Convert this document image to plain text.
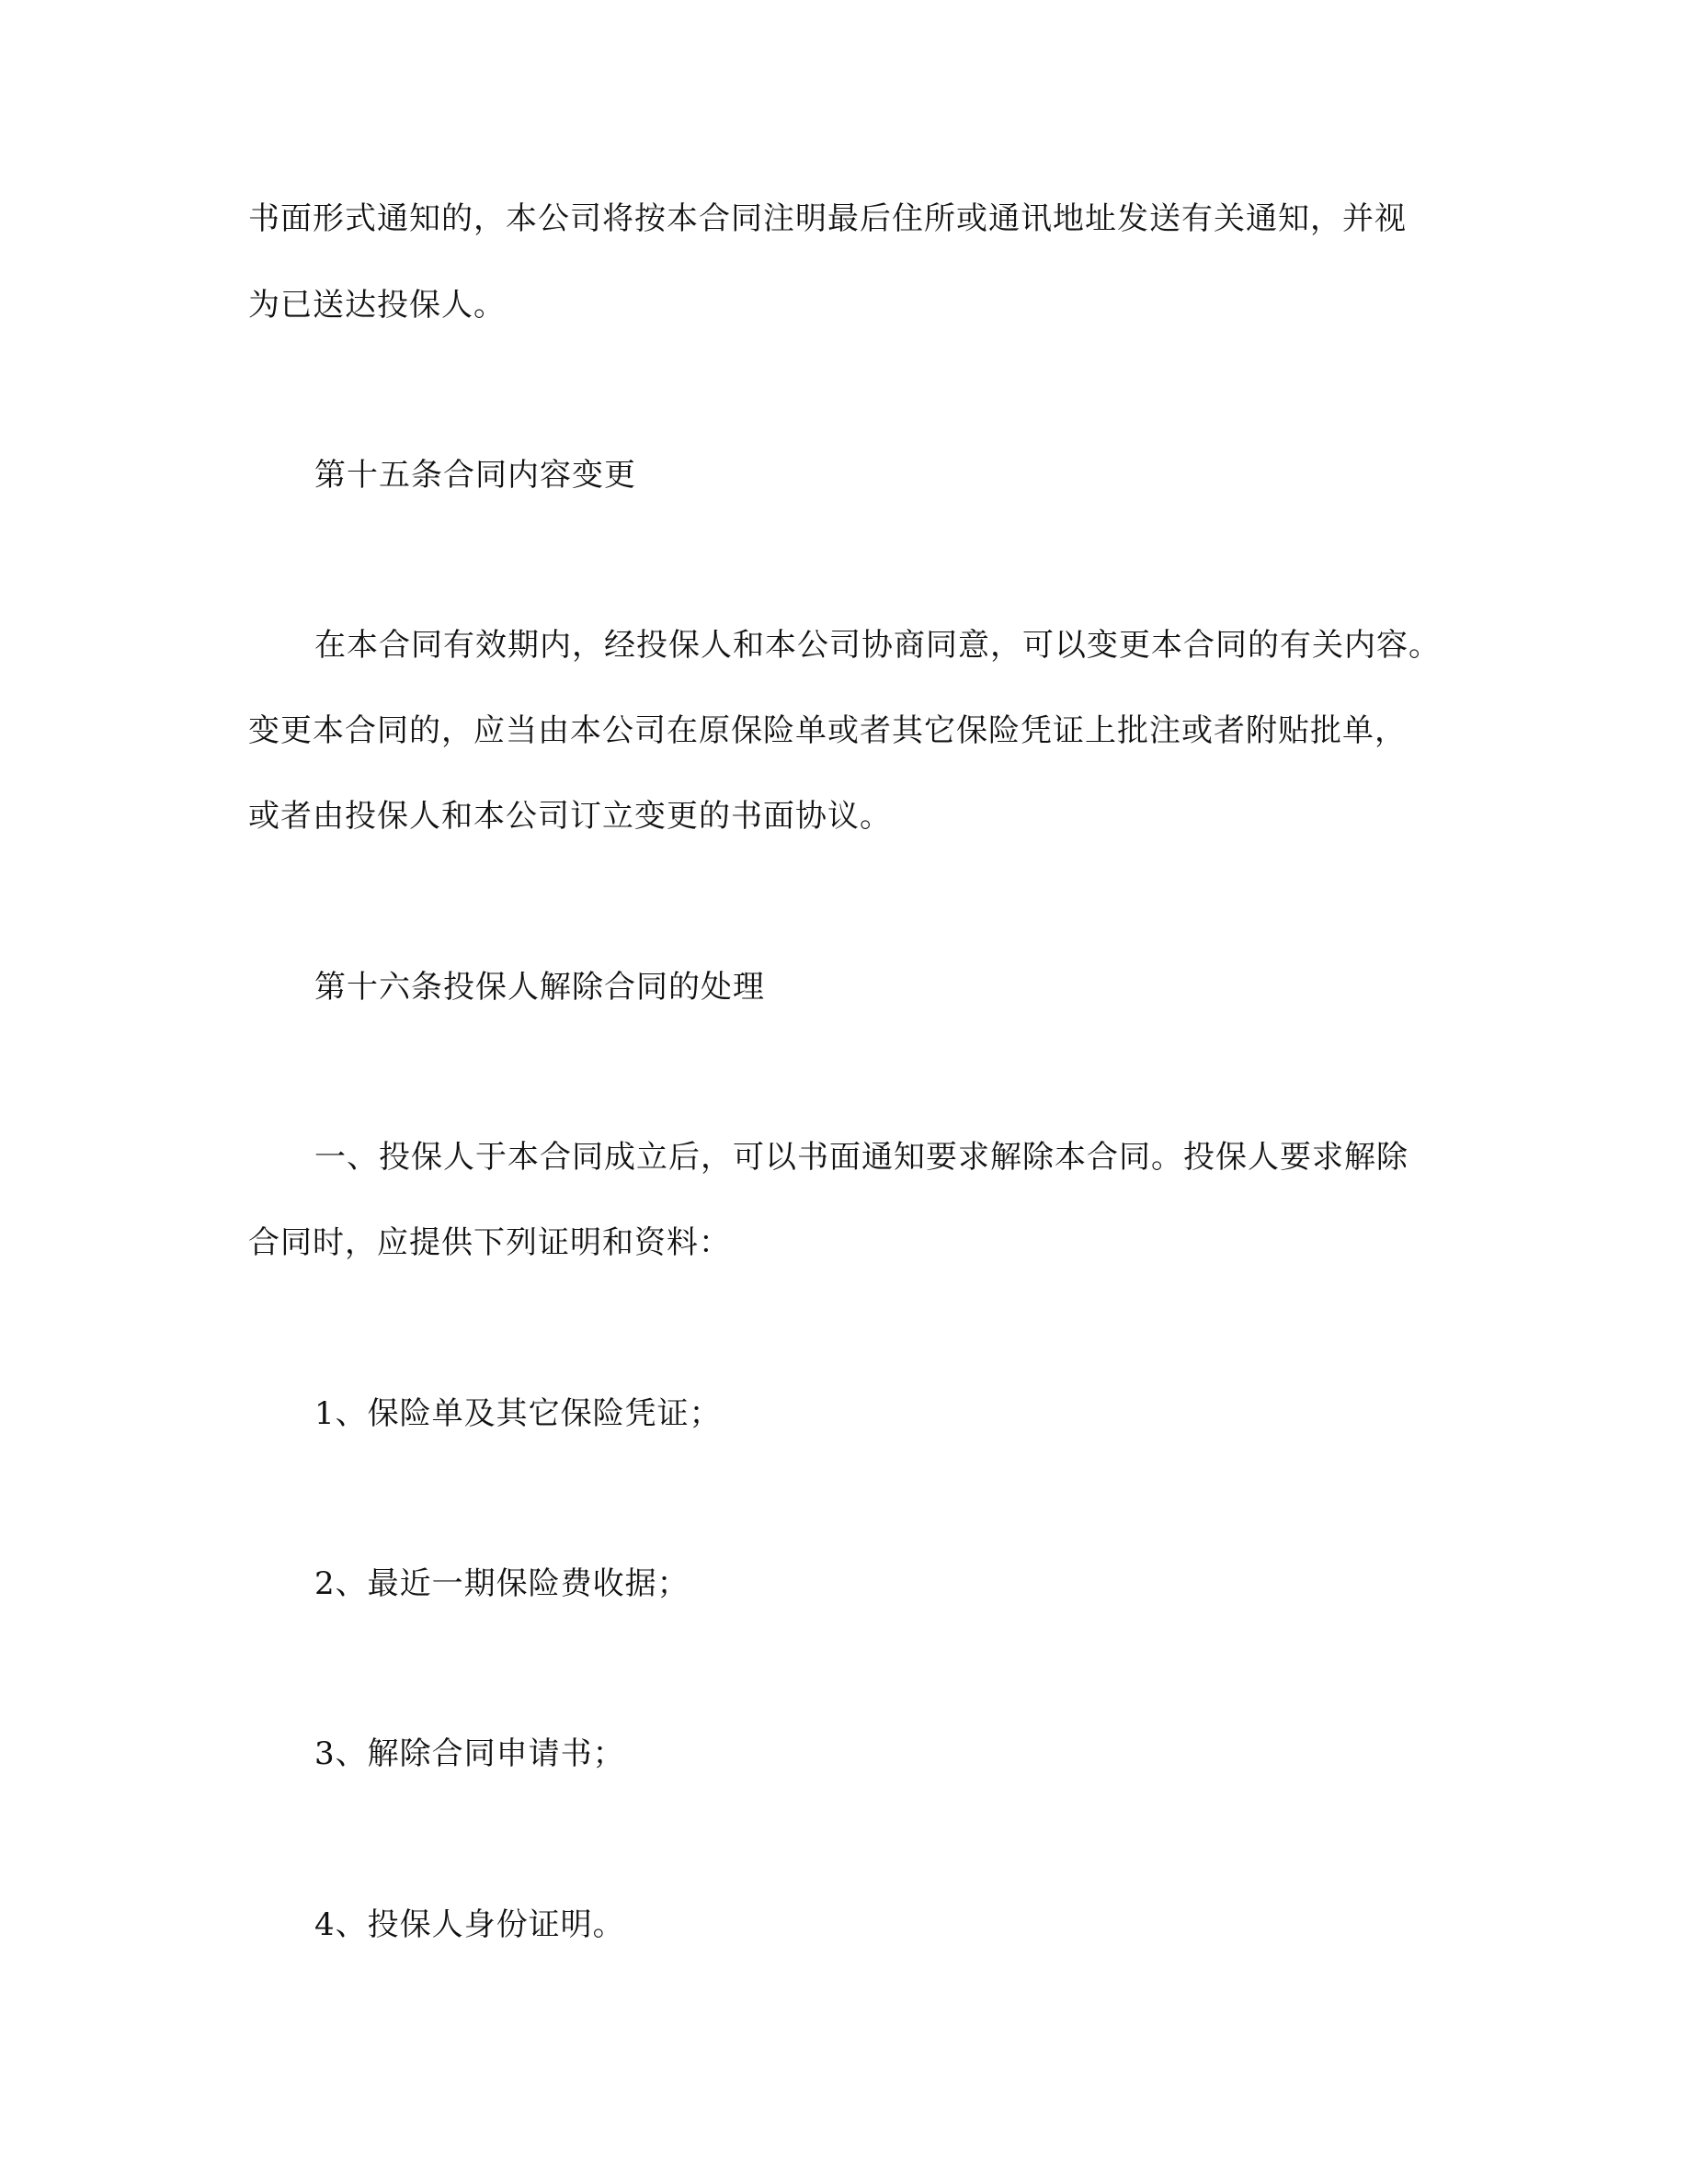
书面形式通知的，本公司将按本合同注明最后住所或通讯地址发送有关通知，并视
为已送达投保人。
第十五条合同内容变更
在本合同有效期内，经投保人和本公司协商同意，可以变更本合同的有关内容。
变更本合同的，应当由本公司在原保险单或者其它保险凭证上批注或者附贴批单，
或者由投保人和本公司订立变更的书面协议。
第十六条投保人解除合同的处理
一、投保人于本合同成立后，可以书面通知要求解除本合同。投保人要求解除
合同时，应提供下列证明和资料：
1、保险单及其它保险凭证；
2、最近一期保险费收据；
3、解除合同申请书；
4、投保人身份证明。
